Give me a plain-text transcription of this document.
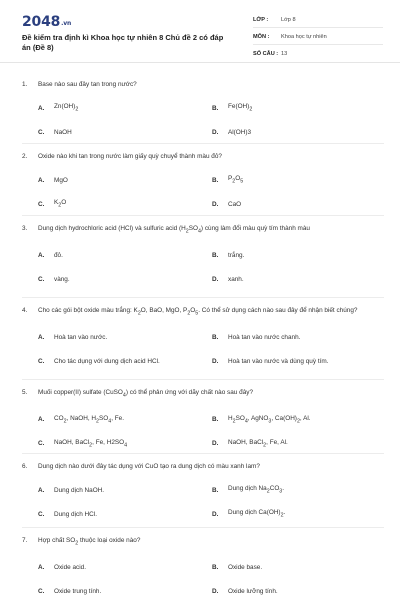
2048.vn
Đề kiểm tra định kì Khoa học tự nhiên 8 Chủ đề 2 có đáp án (Đề 8)
LỚP :	Lớp 8
MÔN :	Khoa học tự nhiên
SỐ CÂU : 13
1.	Base nào sau đây tan trong nước?
A.	$Zn(OH)_2$	B.	$Fe(OH)_2$
C.	NaOH	D.	Al(OH)3
2.	Oxide nào khi tan trong nước làm giấy quỳ chuyể thành màu đỏ?
A.	MgO	B.	$P_2O_5$
C.	$K_2O$	D.	CaO
3.	Dung dịch hydrochloric acid (HCl) và sulfuric acid $(H_2SO_4)$ cùng làm đổi màu quỳ tím thành màu
A.	đỏ.	B.	trắng.
C.	vàng.	D.	xanh.
4.	Cho các gói bột oxide màu trắng: $K_2O$, BaO, MgO, $P_2O_5$. Có thể sử dụng cách nào sau đây để nhận biết chúng?
A.	Hoà tan vào nước.	B.	Hoà tan vào nước chanh.
C.	Cho tác dụng với dung dịch acid HCl.	D.	Hoà tan vào nước và dùng quỳ tím.
5.	Muối copper(II) sulfate (CuSO$_4$) có thể phản ứng với dãy chất nào sau đây?
A.	$CO_2$, NaOH, $H_2SO_4$, Fe.	B.	$H_2SO_4$, AgNO$_3$, $Ca(OH)_2$, Al.
C.	NaOH, BaCl$_2$, Fe, $H2SO_4$	D.	NaOH, BaCl$_2$, Fe, Al.
6.	Dung dịch nào dưới đây tác dụng với CuO tạo ra dung dịch có màu xanh lam?
A.	Dung dịch NaOH.	B.	Dung dịch $Na_2CO_3$.
C.	Dung dịch HCl.	D.	Dung dịch $Ca(OH)_2$.
7.	Hợp chất $SO_2$ thuộc loại oxide nào?
A.	Oxide acid.	B.	Oxide base.
C.	Oxide trung tính.	D.	Oxide lưỡng tính.
